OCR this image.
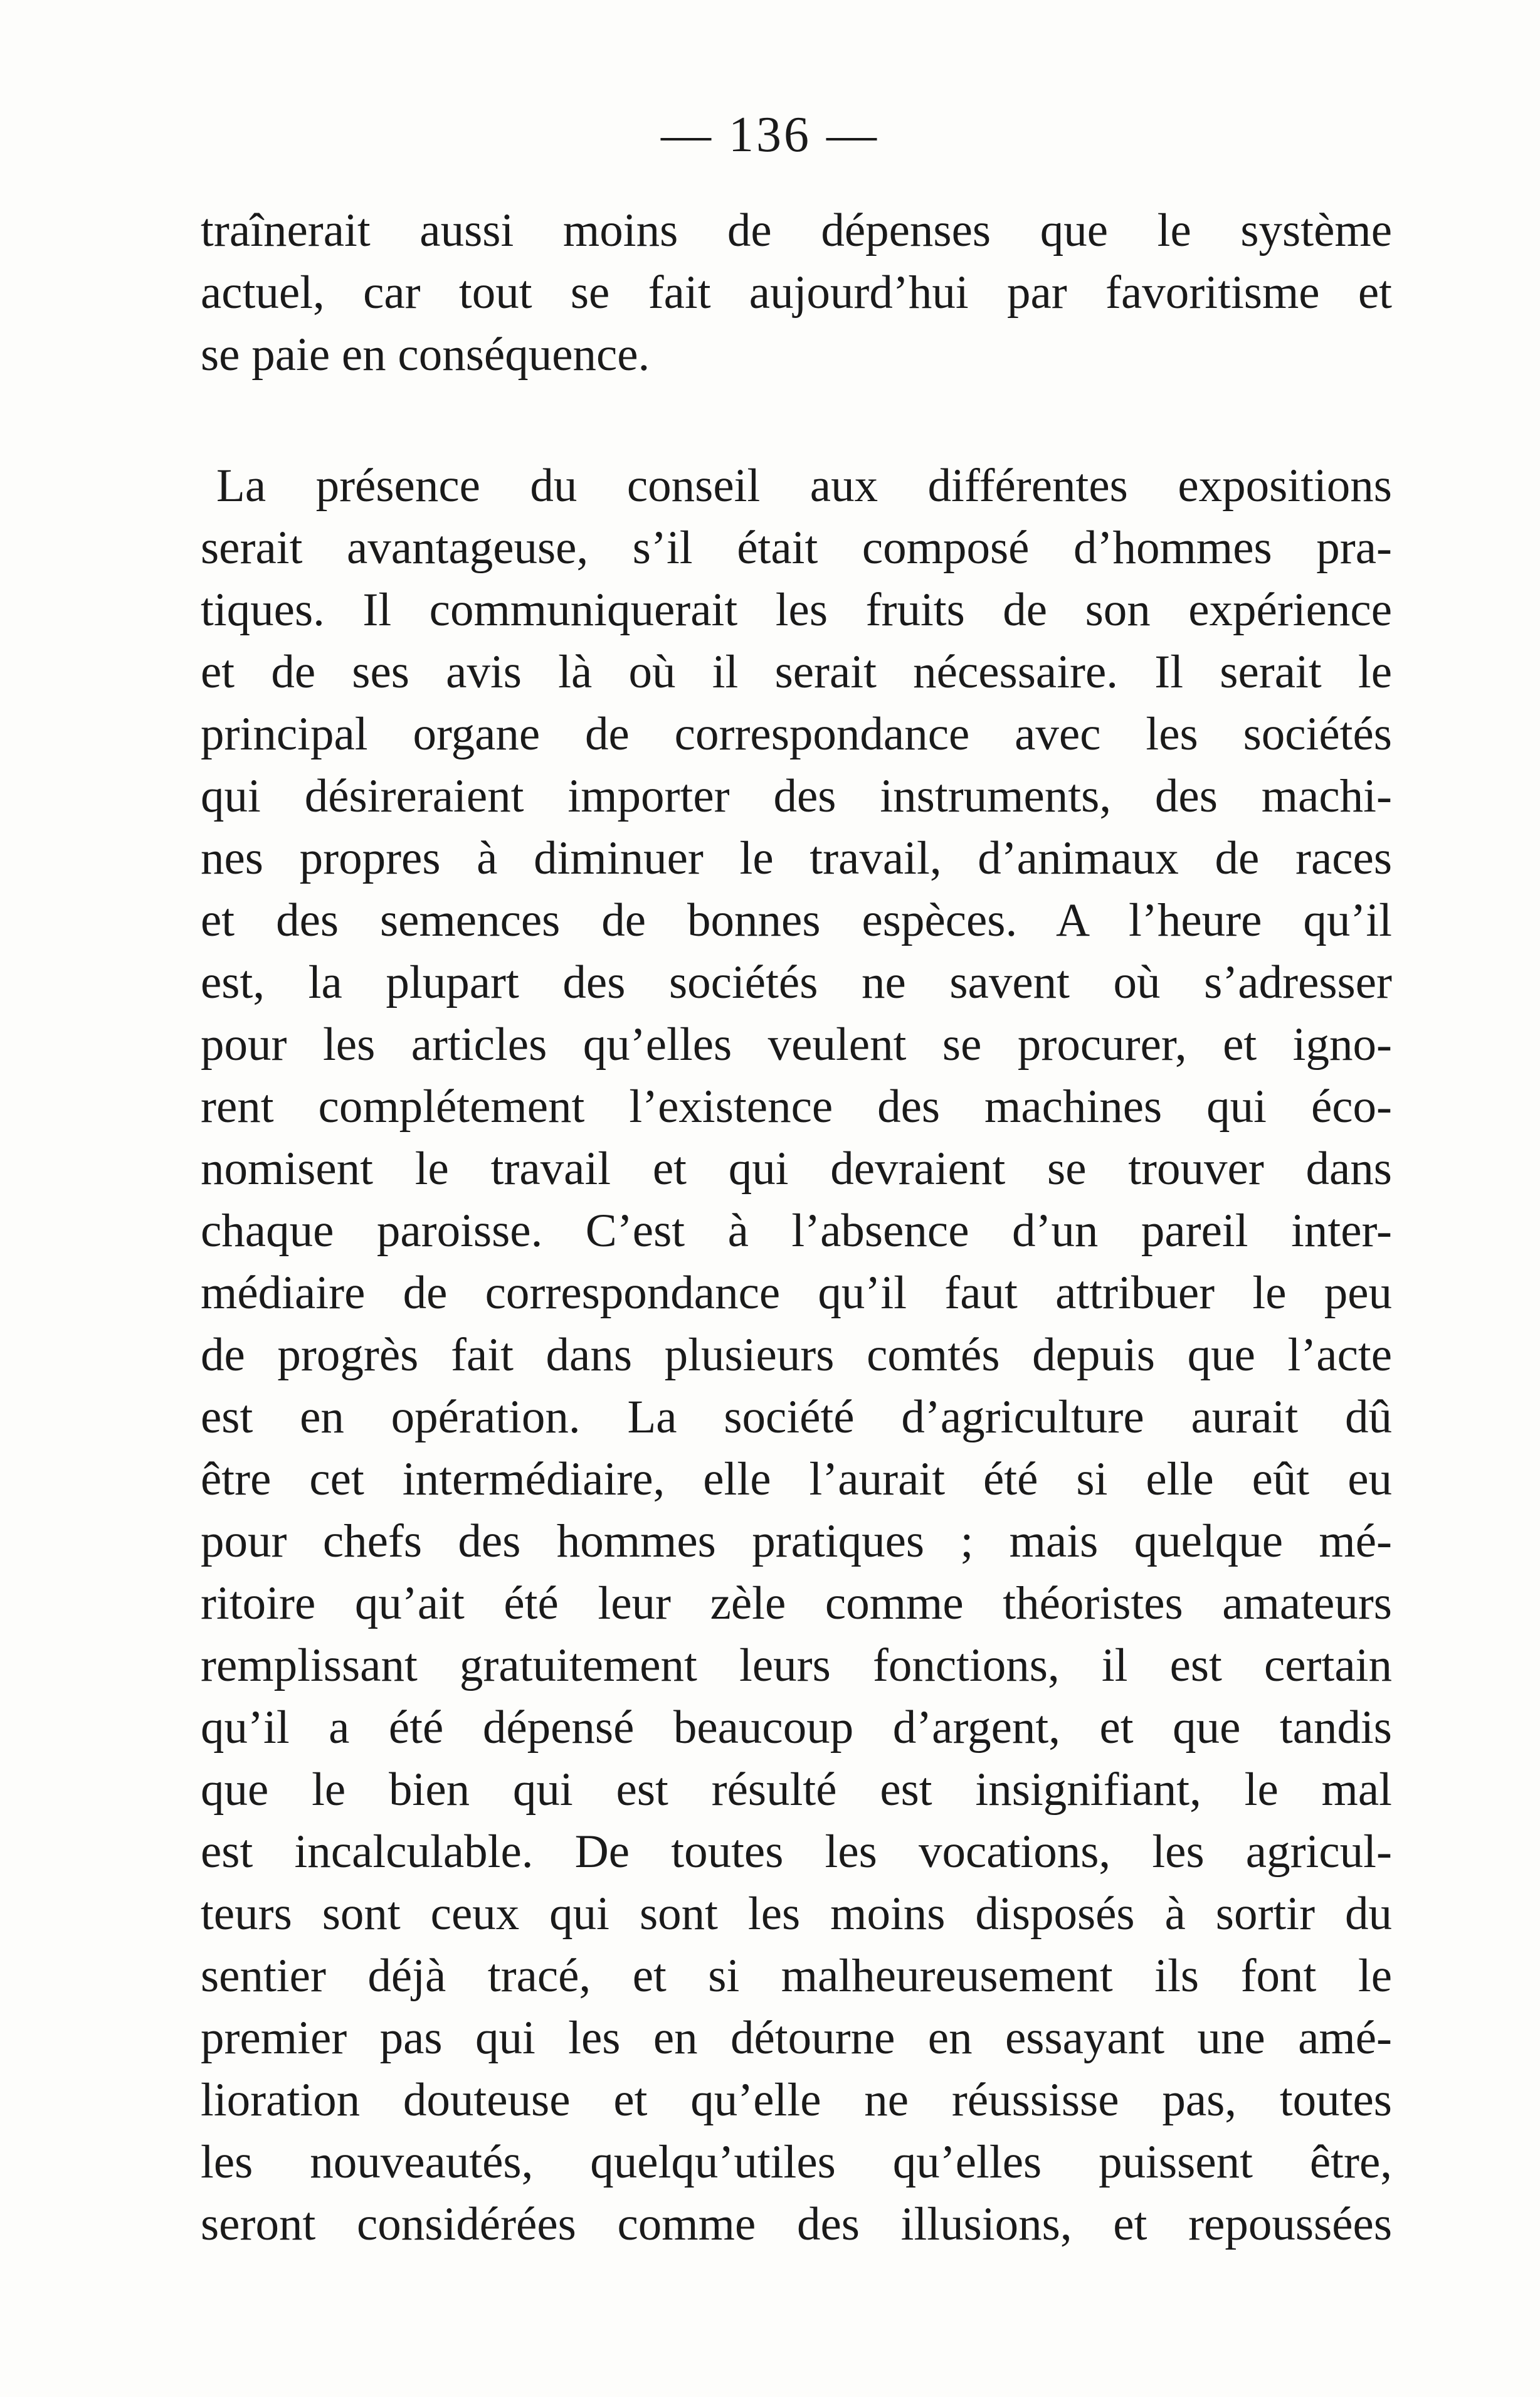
— 136 —
traînerait aussi moins de dépenses que le système
actuel, car tout se fait aujourd’hui par favoritisme et
se paie en conséquence.
La présence du conseil aux différentes expositions
serait avantageuse, s’il était composé d’hommes pra-
tiques. Il communiquerait les fruits de son expérience
et de ses avis là où il serait nécessaire. Il serait le
principal organe de correspondance avec les sociétés
qui désireraient importer des instruments, des machi-
nes propres à diminuer le travail, d’animaux de races
et des semences de bonnes espèces. A l’heure qu’il
est, la plupart des sociétés ne savent où s’adresser
pour les articles qu’elles veulent se procurer, et igno-
rent complétement l’existence des machines qui éco-
nomisent le travail et qui devraient se trouver dans
chaque paroisse. C’est à l’absence d’un pareil inter-
médiaire de correspondance qu’il faut attribuer le peu
de progrès fait dans plusieurs comtés depuis que l’acte
est en opération. La société d’agriculture aurait dû
être cet intermédiaire, elle l’aurait été si elle eût eu
pour chefs des hommes pratiques ; mais quelque mé-
ritoire qu’ait été leur zèle comme théoristes amateurs
remplissant gratuitement leurs fonctions, il est certain
qu’il a été dépensé beaucoup d’argent, et que tandis
que le bien qui est résulté est insignifiant, le mal
est incalculable. De toutes les vocations, les agricul-
teurs sont ceux qui sont les moins disposés à sortir du
sentier déjà tracé, et si malheureusement ils font le
premier pas qui les en détourne en essayant une amé-
lioration douteuse et qu’elle ne réussisse pas, toutes
les nouveautés, quelqu’utiles qu’elles puissent être,
seront considérées comme des illusions, et repoussées
